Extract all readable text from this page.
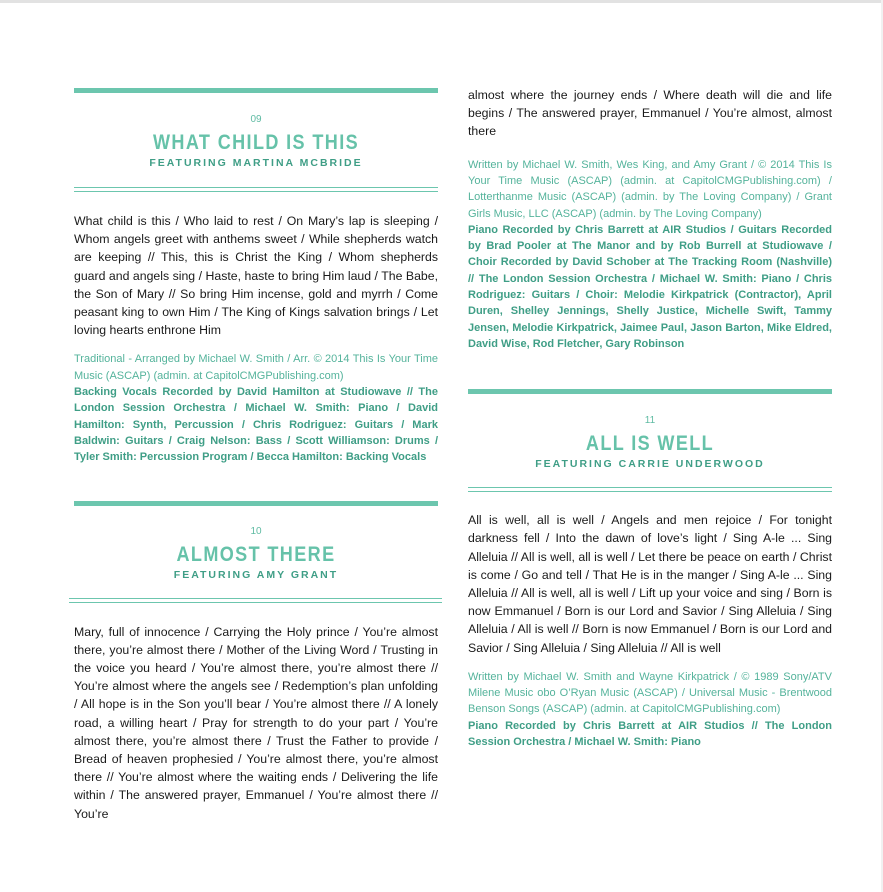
09
WHAT CHILD IS THIS
FEATURING MARTINA MCBRIDE
What child is this / Who laid to rest / On Mary’s lap is sleeping / Whom angels greet with anthems sweet / While shepherds watch are keeping // This, this is Christ the King / Whom shepherds guard and angels sing / Haste, haste to bring Him laud / The Babe, the Son of Mary // So bring Him incense, gold and myrrh / Come peasant king to own Him / The King of Kings salvation brings / Let loving hearts enthrone Him
Traditional - Arranged by Michael W. Smith / Arr. © 2014 This Is Your Time Music (ASCAP) (admin. at CapitolCMGPublishing.com)
Backing Vocals Recorded by David Hamilton at Studiowave // The London Session Orchestra / Michael W. Smith: Piano / David Hamilton: Synth, Percussion / Chris Rodriguez: Guitars / Mark Baldwin: Guitars / Craig Nelson: Bass / Scott Williamson: Drums / Tyler Smith: Percussion Program / Becca Hamilton: Backing Vocals
10
ALMOST THERE
FEATURING AMY GRANT
Mary, full of innocence / Carrying the Holy prince / You’re almost there, you’re almost there / Mother of the Living Word / Trusting in the voice you heard / You’re almost there, you’re almost there // You’re almost where the angels see / Redemption’s plan unfolding / All hope is in the Son you’ll bear / You’re almost there // A lonely road, a willing heart / Pray for strength to do your part / You’re almost there, you’re almost there / Trust the Father to provide / Bread of heaven prophesied / You’re almost there, you’re almost there // You’re almost where the waiting ends / Delivering the life within / The answered prayer, Emmanuel / You’re almost there // You’re
almost where the journey ends / Where death will die and life begins / The answered prayer, Emmanuel / You’re almost, almost there
Written by Michael W. Smith, Wes King, and Amy Grant / © 2014 This Is Your Time Music (ASCAP) (admin. at CapitolCMGPublishing.com) / Lotterthanme Music (ASCAP) (admin. by The Loving Company) / Grant Girls Music, LLC (ASCAP) (admin. by The Loving Company)
Piano Recorded by Chris Barrett at AIR Studios / Guitars Recorded by Brad Pooler at The Manor and by Rob Burrell at Studiowave / Choir Recorded by David Schober at The Tracking Room (Nashville) // The London Session Orchestra / Michael W. Smith: Piano / Chris Rodriguez: Guitars / Choir: Melodie Kirkpatrick (Contractor), April Duren, Shelley Jennings, Shelly Justice, Michelle Swift, Tammy Jensen, Melodie Kirkpatrick, Jaimee Paul, Jason Barton, Mike Eldred, David Wise, Rod Fletcher, Gary Robinson
11
ALL IS WELL
FEATURING CARRIE UNDERWOOD
All is well, all is well / Angels and men rejoice / For tonight darkness fell / Into the dawn of love’s light / Sing A-le ... Sing Alleluia // All is well, all is well / Let there be peace on earth / Christ is come / Go and tell / That He is in the manger / Sing A-le ... Sing Alleluia // All is well, all is well / Lift up your voice and sing / Born is now Emmanuel / Born is our Lord and Savior / Sing Alleluia / Sing Alleluia / All is well // Born is now Emmanuel / Born is our Lord and Savior / Sing Alleluia / Sing Alleluia // All is well
Written by Michael W. Smith and Wayne Kirkpatrick / © 1989 Sony/ATV Milene Music obo O’Ryan Music (ASCAP) / Universal Music - Brentwood Benson Songs (ASCAP) (admin. at CapitolCMGPublishing.com)
Piano Recorded by Chris Barrett at AIR Studios // The London Session Orchestra / Michael W. Smith: Piano
